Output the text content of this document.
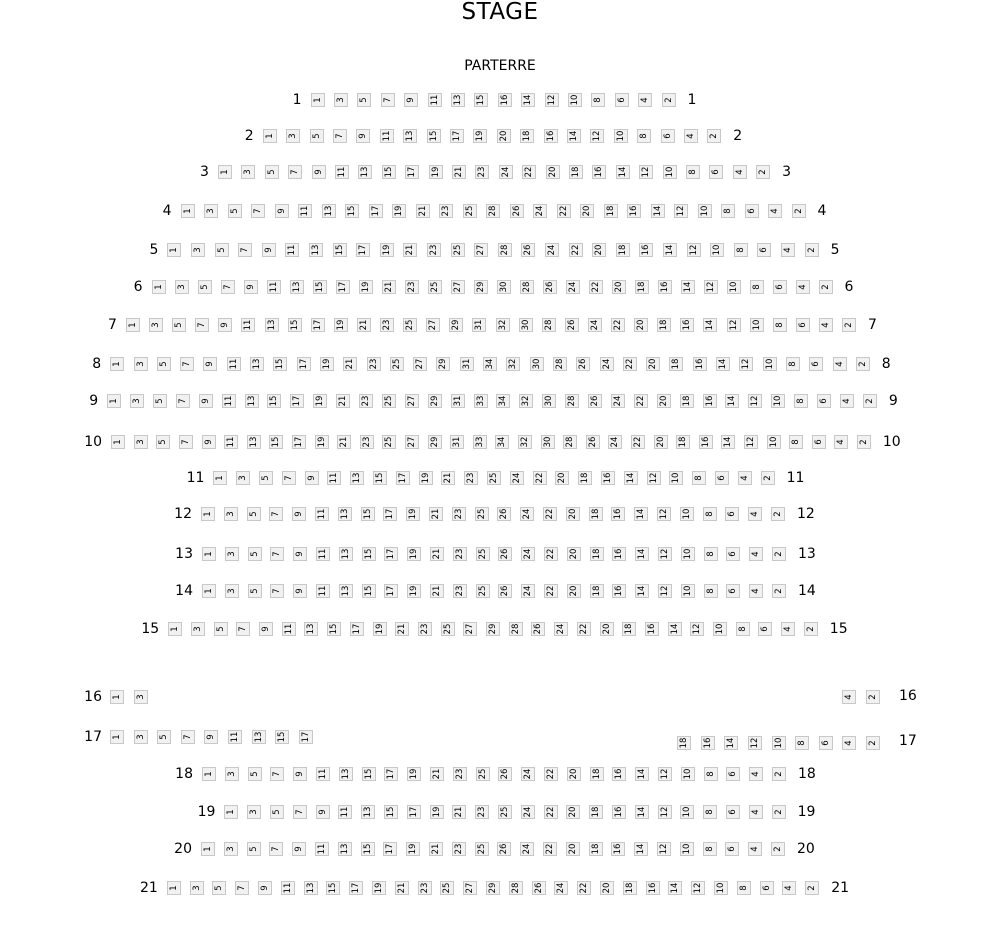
STAGE
PARTERRE
1 3 5 7 9 11 13 15 16 14 12 10 8 6 4 2
1	1
1 3 5 7 9 11 13 15 17 19 20 18 16 14 12 10 8 6 4 2
2	2
1 3 5 7 9 11 13 15 17 19 21 23 24 22 20 18 16 14 12 10 8 6 4 2
3	3
1 3 5 7 9 11 13 15 17 19 21 23 25 28 26 24 22 20 18 16 14 12 10 8 6 4 2
4	4
1 3 5 7 9 11 13 15 17 19 21 23 25 27 28 26 24 22 20 18 16 14 12 10 8 6 4 2
5	5
1 3 5 7 9 11 13 15 17 19 21 23 25 27 29 30 28 26 24 22 20 18 16 14 12 10 8 6 4 2
6	6
1 3 5 7 9 11 13 15 17 19 21 23 25 27 29 31 32 30 28 26 24 22 20 18 16 14 12 10 8 6 4 2
7	7
1 3 5 7 9 11 13 15 17 19 21 23 25 27 29 31 34 32 30 28 26 24 22 20 18 16 14 12 10 8 6 4 2
8	8
1 3 5 7 9 11 13 15 17 19 21 23 25 27 29 31 33 34 32 30 28 26 24 22 20 18 16 14 12 10 8 6 4 2
9	9
1 3 5 7 9 11 13 15 17 19 21 23 25 27 29 31 33 34 32 30 28 26 24 22 20 18 16 14 12 10 8 6 4 2
10	10
1 3 5 7 9 11 13 15 17 19 21 23 25 24 22 20 18 16 14 12 10 8 6 4 2
11	11
1 3 5 7 9 11 13 15 17 19 21 23 25 26 24 22 20 18 16 14 12 10 8 6 4 2
12	12
1 3 5 7 9 11 13 15 17 19 21 23 25 26 24 22 20 18 16 14 12 10 8 6 4 2
13	13
1 3 5 7 9 11 13 15 17 19 21 23 25 26 24 22 20 18 16 14 12 10 8 6 4 2
14	14
1 3 5 7 9 11 13 15 17 19 21 23 25 27 29 28 26 24 22 20 18 16 14 12 10 8 6 4 2
15	15
1 3	4 2
16	16
1 3 5 7 9 11 13 15 17
18 16 14 12 10 8 6 4 2
17	17
1 3 5 7 9 11 13 15 17 19 21 23 25 26 24 22 20 18 16 14 12 10 8 6 4 2
18	18
1 3 5 7 9 11 13 15 17 19 21 23 25 24 22 20 18 16 14 12 10 8 6 4 2
19	19
1 3 5 7 9 11 13 15 17 19 21 23 25 26 24 22 20 18 16 14 12 10 8 6 4 2
20	20
1 3 5 7 9 11 13 15 17 19 21 23 25 27 29 28 26 24 22 20 18 16 14 12 10 8 6 4 2
21	21
